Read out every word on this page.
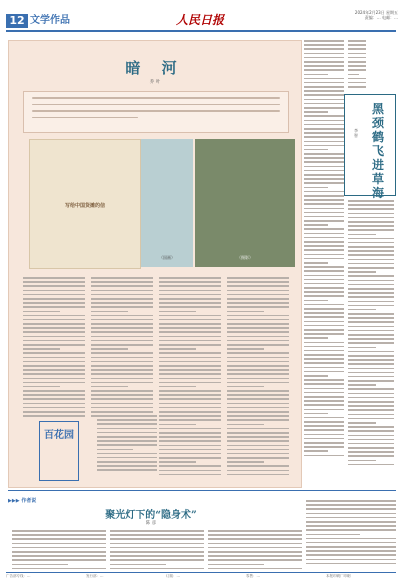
12 文学作品	人民日报
2024年2月23日 星期五
责编：… 电邮：…
暗 河
乔 叶
写给中国货摊的信
（国画）	（摄影）
百花园
黑颈鹤飞进草海
李 智
▶▶▶ 作者说
聚光灯下的“隐身术”
陈 彦
广告部专线：…	发行部：…	订阅：…	零售：…	本报印刷厂印刷
